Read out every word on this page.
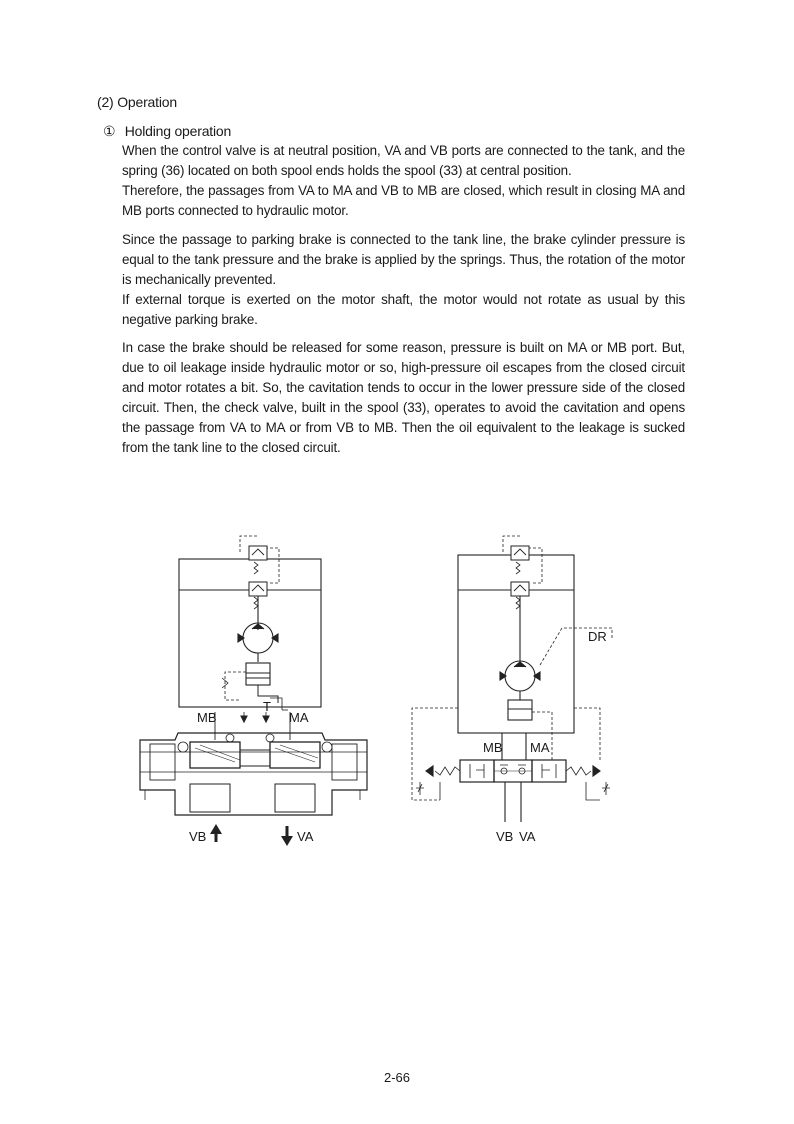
(2) Operation
① Holding operation

When the control valve is at neutral position, VA and VB ports are connected to the tank, and the spring (36) located on both spool ends holds the spool (33) at central position.

Therefore, the passages from VA to MA and VB to MB are closed, which result in closing MA and MB ports connected to hydraulic motor.

Since the passage to parking brake is connected to the tank line, the brake cylinder pressure is equal to the tank pressure and the brake is applied by the springs. Thus, the rotation of the motor is mechanically prevented.

If external torque is exerted on the motor shaft, the motor would not rotate as usual by this negative parking brake.

In case the brake should be released for some reason, pressure is built on MA or MB port. But, due to oil leakage inside hydraulic motor or so, high-pressure oil escapes from the closed circuit and motor rotates a bit. So, the cavitation tends to occur in the lower pressure side of the closed circuit. Then, the check valve, built in the spool (33), operates to avoid the cavitation and opens the passage from VA to MA or from VB to MB. Then the oil equivalent to the leakage is sucked from the tank line to the closed circuit.

MB	MA
T
VB	VA
DR
MB MA
VB VA
2-66
